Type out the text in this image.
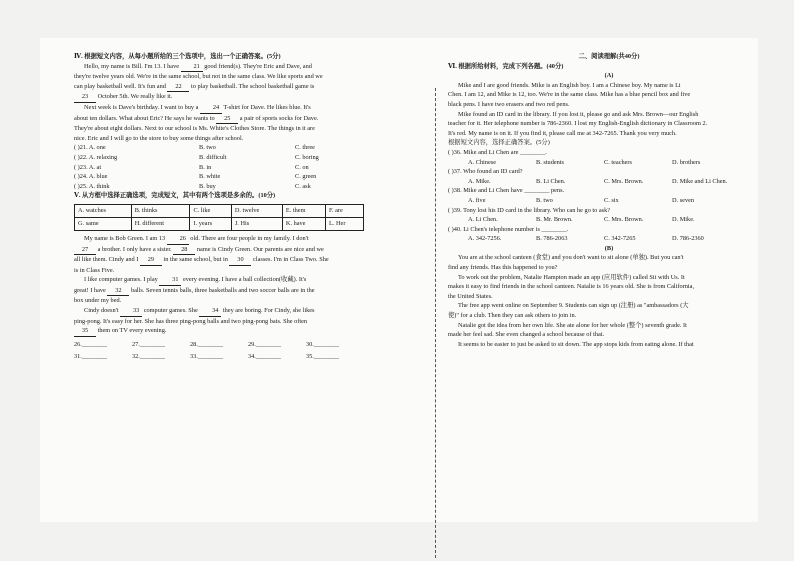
Ⅳ. 根据短文内容，从每小题所给的三个选项中，选出一个正确答案。(5分)
Hello, my name is Bill. I'm 13. I have 21 good friend(s). They're Eric and Dave, and
they're twelve years old. We're in the same school, but not in the same class. We like sports and we
can play basketball well. It's fun and 22 to play basketball. The school basketball game is
23 October 5th. We really like it.
Next week is Dave's birthday. I want to buy a 24 T-shirt for Dave. He likes blue. It's
about ten dollars. What about Eric? He says he wants to 25 a pair of sports socks for Dave.
They're about eight dollars. Next to our school is Ms. White's Clothes Store. The things in it are
nice. Eric and I will go to the store to buy some things after school.
( )21. A. one	B. two	C. three
( )22. A. relaxing	B. difficult	C. boring
( )23. A. at	B. in	C. on
( )24. A. blue	B. white	C. green
( )25. A. think	B. buy	C. ask
Ⅴ. 从方框中选择正确选项，完成短文，其中有两个选项是多余的。(10分)
A. watches	B. thinks	C. like	D. twelve	E. them	F. are
G. same	H. different	I. years	J. His	K. have	L. Her
My name is Bob Green. I am 13 26 old. There are four people in my family. I don't
27 a brother. I only have a sister. 28 name is Cindy Green. Our parents are nice and we
all like them. Cindy and I 29 in the same school, but in 30 classes. I'm in Class Two. She
is in Class Five.
I like computer games. I play 31 every evening. I have a ball collection(收藏). It's
great! I have 32 balls. Seven tennis balls, three basketballs and two soccer balls are in the
box under my bed.
Cindy doesn't 33 computer games. She 34 they are boring. For Cindy, she likes
ping-pong. It's easy for her. She has three ping-pong balls and two ping-pong bats. She often
35 them on TV every evening.
26.________	27.________	28.________	29.________	30.________
31.________	32.________	33.________	34.________	35.________
二、阅读理解(共40分)
Ⅵ. 根据所给材料，完成下列各题。(40分)
(A)
Mike and I are good friends. Mike is an English boy. I am a Chinese boy. My name is Li
Chen. I am 12, and Mike is 12, too. We're in the same class. Mike has a blue pencil box and five
black pens. I have two erasers and two red pens.
Mike found an ID card in the library. If you lost it, please go and ask Mrs. Brown—our English
teacher for it. Her telephone number is 786-2360. I lost my English-English dictionary in Classroom 2.
It's red. My name is on it. If you find it, please call me at 342-7265. Thank you very much.
根据短文内容，选择正确答案。(5分)
( )36. Mike and Li Chen are ________.
A. Chinese	B. students	C. teachers	D. brothers
( )37. Who found an ID card?
A. Mike.	B. Li Chen.	C. Mrs. Brown.	D. Mike and Li Chen.
( )38. Mike and Li Chen have ________ pens.
A. five	B. two	C. six	D. seven
( )39. Tony lost his ID card in the library. Who can he go to ask?
A. Li Chen.	B. Mr. Brown.	C. Mrs. Brown.	D. Mike.
( )40. Li Chen's telephone number is ________.
A. 342-7256.	B. 786-2063	C. 342-7265	D. 786-2360
(B)
You are at the school canteen (食堂) and you don't want to sit alone (单独). But you can't
find any friends. Has this happened to you?
To work out the problem, Natalie Hampton made an app (应用软件) called Sit with Us. It
makes it easy to find friends in the school canteen. Natalie is 16 years old. She is from California,
the United States.
The free app went online on September 9. Students can sign up (注册) as "ambassadors (大
使)" for a club. Then they can ask others to join in.
Natalie got the idea from her own life. She ate alone for her whole (整个) seventh grade. It
made her feel sad. She even changed a school because of that.
It seems to be easier to just be asked to sit down. The app stops kids from eating alone. If that
